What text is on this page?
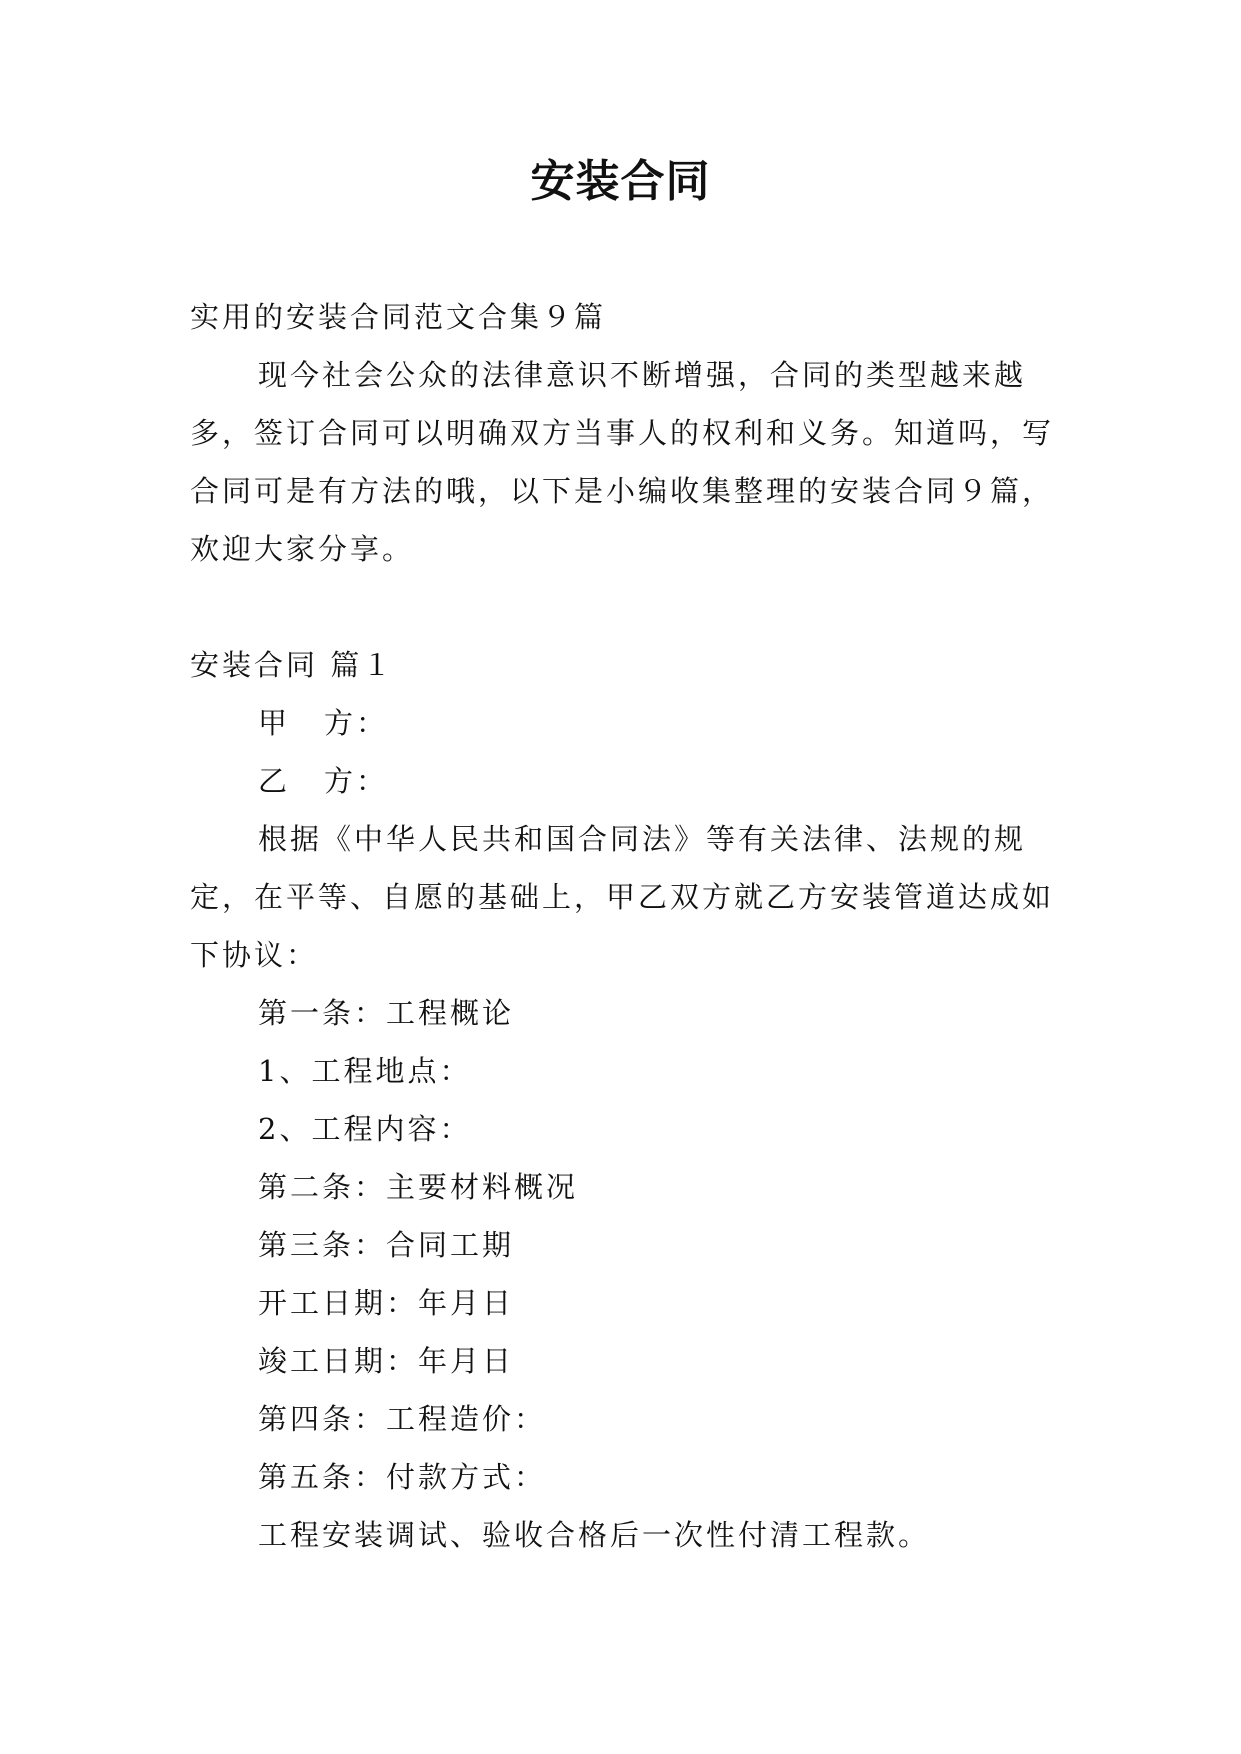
安装合同

实用的安装合同范文合集９篇

现今社会公众的法律意识不断增强，合同的类型越来越多，签订合同可以明确双方当事人的权利和义务。知道吗，写合同可是有方法的哦，以下是小编收集整理的安装合同９篇，欢迎大家分享。

安装合同 篇１

甲 方：

乙 方：

根据《中华人民共和国合同法》等有关法律、法规的规定，在平等、自愿的基础上，甲乙双方就乙方安装管道达成如下协议：

第一条：工程概论

1、工程地点：

2、工程内容：

第二条：主要材料概况

第三条：合同工期

开工日期：年月日

竣工日期：年月日

第四条：工程造价：

第五条：付款方式：

工程安装调试、验收合格后一次性付清工程款。
